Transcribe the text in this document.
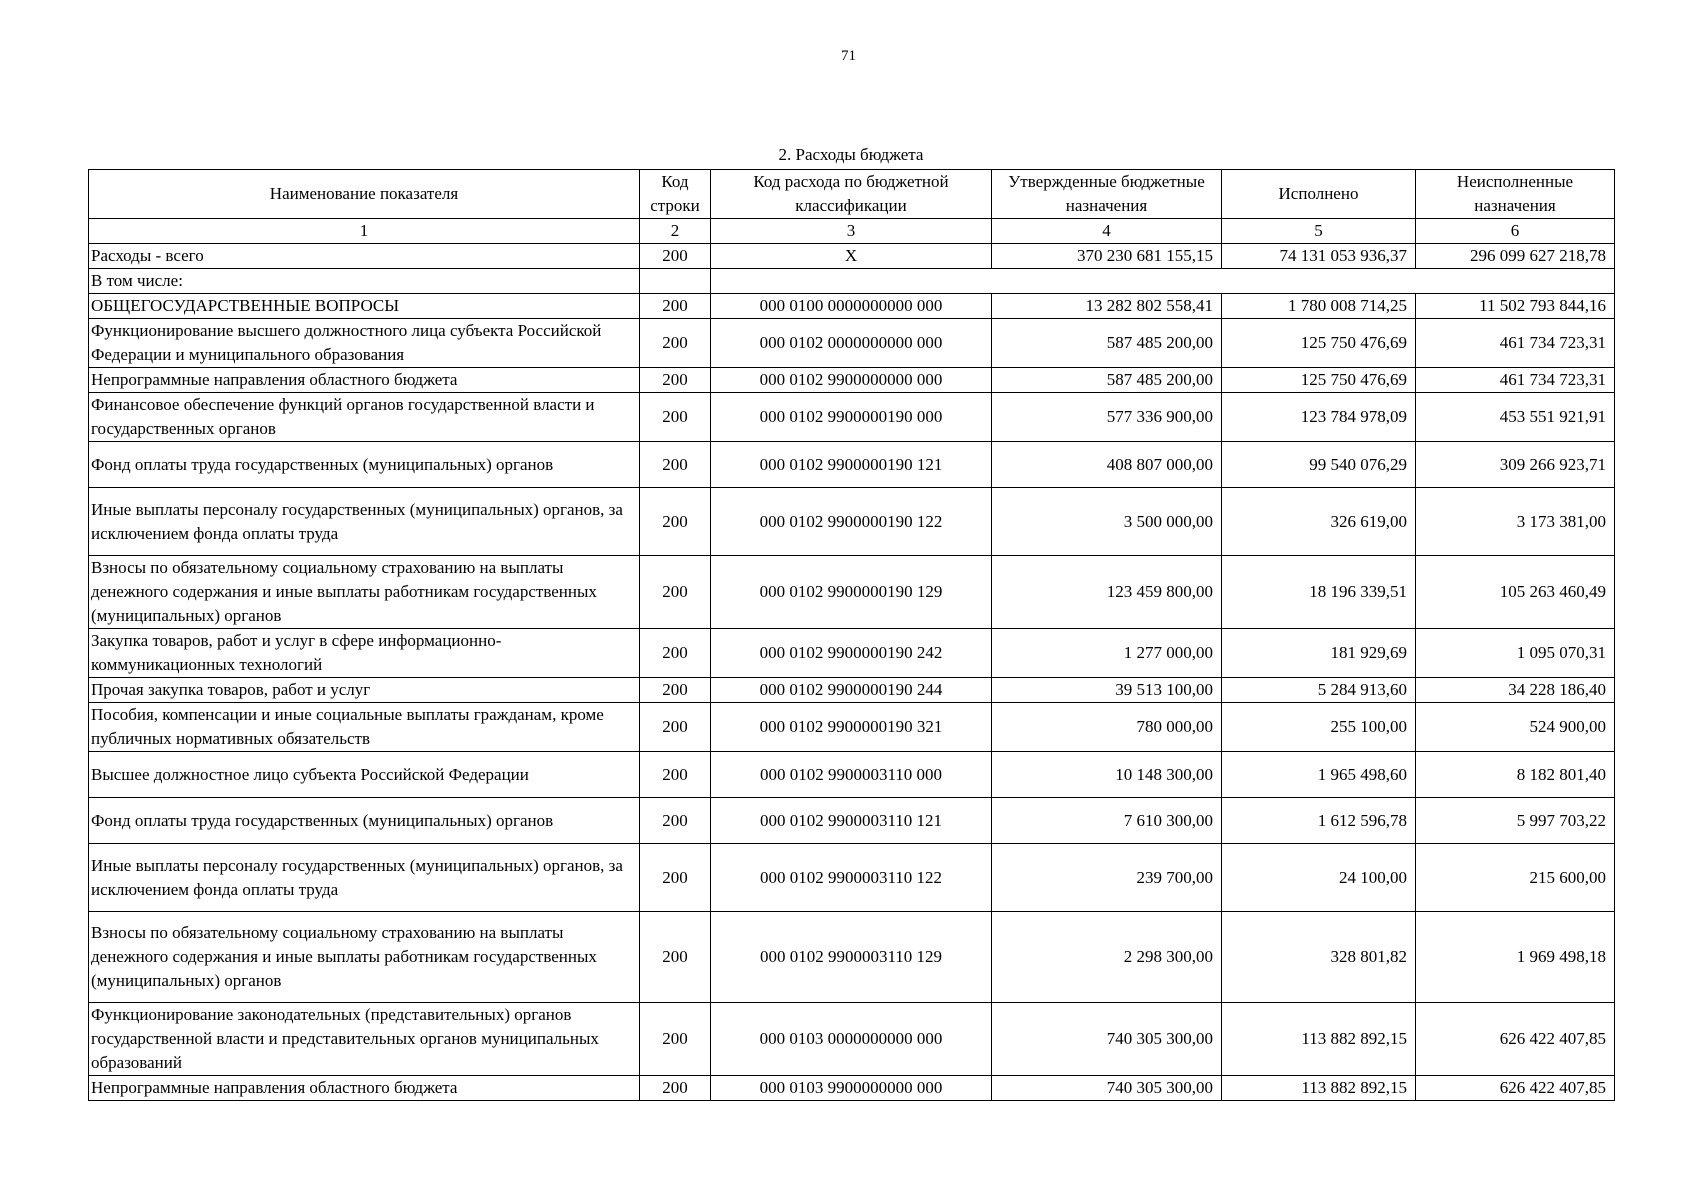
71
2. Расходы бюджета
Наименование показателя	Код строки	Код расхода по бюджетной классификации	Утвержденные бюджетные назначения	Исполнено	Неисполненные назначения
1	2	3	4	5	6
Расходы - всего	200	X	370 230 681 155,15	74 131 053 936,37	296 099 627 218,78
В том числе:					
ОБЩЕГОСУДАРСТВЕННЫЕ ВОПРОСЫ	200	000 0100 0000000000 000	13 282 802 558,41	1 780 008 714,25	11 502 793 844,16
Функционирование высшего должностного лица субъекта Российской Федерации и муниципального образования	200	000 0102 0000000000 000	587 485 200,00	125 750 476,69	461 734 723,31
Непрограммные направления областного бюджета	200	000 0102 9900000000 000	587 485 200,00	125 750 476,69	461 734 723,31
Финансовое обеспечение функций органов государственной власти и государственных органов	200	000 0102 9900000190 000	577 336 900,00	123 784 978,09	453 551 921,91
Фонд оплаты труда государственных (муниципальных) органов	200	000 0102 9900000190 121	408 807 000,00	99 540 076,29	309 266 923,71
Иные выплаты персоналу государственных (муниципальных) органов, за исключением фонда оплаты труда	200	000 0102 9900000190 122	3 500 000,00	326 619,00	3 173 381,00
Взносы по обязательному социальному страхованию на выплаты денежного содержания и иные выплаты работникам государственных (муниципальных) органов	200	000 0102 9900000190 129	123 459 800,00	18 196 339,51	105 263 460,49
Закупка товаров, работ и услуг в сфере информационно-коммуникационных технологий	200	000 0102 9900000190 242	1 277 000,00	181 929,69	1 095 070,31
Прочая закупка товаров, работ и услуг	200	000 0102 9900000190 244	39 513 100,00	5 284 913,60	34 228 186,40
Пособия, компенсации и иные социальные выплаты гражданам, кроме публичных нормативных обязательств	200	000 0102 9900000190 321	780 000,00	255 100,00	524 900,00
Высшее должностное лицо субъекта Российской Федерации	200	000 0102 9900003110 000	10 148 300,00	1 965 498,60	8 182 801,40
Фонд оплаты труда государственных (муниципальных) органов	200	000 0102 9900003110 121	7 610 300,00	1 612 596,78	5 997 703,22
Иные выплаты персоналу государственных (муниципальных) органов, за исключением фонда оплаты труда	200	000 0102 9900003110 122	239 700,00	24 100,00	215 600,00
Взносы по обязательному социальному страхованию на выплаты денежного содержания и иные выплаты работникам государственных (муниципальных) органов	200	000 0102 9900003110 129	2 298 300,00	328 801,82	1 969 498,18
Функционирование законодательных (представительных) органов государственной власти и представительных органов муниципальных образований	200	000 0103 0000000000 000	740 305 300,00	113 882 892,15	626 422 407,85
Непрограммные направления областного бюджета	200	000 0103 9900000000 000	740 305 300,00	113 882 892,15	626 422 407,85
